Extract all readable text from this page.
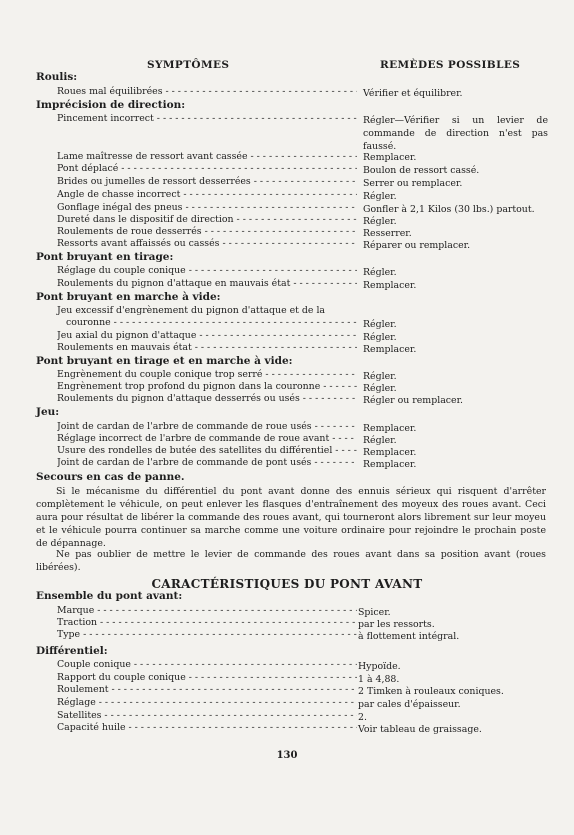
SYMPTÔMES	REMÈDES POSSIBLES
Roulis:
Roues mal équilibrées - - -	Vérifier et équilibrer.
Imprécision de direction:
Pincement incorrect - - -	Régler—Vérifier si un levier de commande de direction n'est pas faussé.
Lame maîtresse de ressort avant cassée - - -	Remplacer.
Pont déplacé - - -	Boulon de ressort cassé.
Brides ou jumelles de ressort desserrées - - -	Serrer ou remplacer.
Angle de chasse incorrect - - -	Régler.
Gonflage inégal des pneus - - -	Gonfler à 2,1 Kilos (30 lbs.) partout.
Dureté dans le dispositif de direction - - -	Régler.
Roulements de roue desserrés - - -	Resserrer.
Ressorts avant affaissés ou cassés - - -	Réparer ou remplacer.
Pont bruyant en tirage:
Réglage du couple conique - - -	Régler.
Roulements du pignon d'attaque en mauvais état - - -	Remplacer.
Pont bruyant en marche à vide:
Jeu excessif d'engrènement du pignon d'attaque et de la
couronne - - -	Régler.
Jeu axial du pignon d'attaque - - -	Régler.
Roulements en mauvais état - - -	Remplacer.
Pont bruyant en tirage et en marche à vide:
Engrènement du couple conique trop serré - - -	Régler.
Engrènement trop profond du pignon dans la couronne - - -	Régler.
Roulements du pignon d'attaque desserrés ou usés - - -	Régler ou remplacer.
Jeu:
Joint de cardan de l'arbre de commande de roue usés - - -	Remplacer.
Réglage incorrect de l'arbre de commande de roue avant - - -	Régler.
Usure des rondelles de butée des satellites du différentiel - - -	Remplacer.
Joint de cardan de l'arbre de commande de pont usés - - -	Remplacer.
Secours en cas de panne.
Si le mécanisme du différentiel du pont avant donne des ennuis sérieux qui risquent d'arrêter complètement le véhicule, on peut enlever les flasques d'entraînement des moyeux des roues avant. Ceci aura pour résultat de libérer la commande des roues avant, qui tourneront alors librement sur leur moyeu et le véhicule pourra continuer sa marche comme une voiture ordinaire pour rejoindre le prochain poste de dépannage.
Ne pas oublier de mettre le levier de commande des roues avant dans sa position avant (roues libérées).
CARACTÉRISTIQUES DU PONT AVANT
Ensemble du pont avant:
Marque - - -	Spicer.
Traction - - -	par les ressorts.
Type - - -	à flottement intégral.
Différentiel:
Couple conique - - -	Hypoïde.
Rapport du couple conique - - -	1 à 4,88.
Roulement - - -	2 Timken à rouleaux coniques.
Réglage - - -	par cales d'épaisseur.
Satellites - - -	2.
Capacité huile - - -	Voir tableau de graissage.
130
